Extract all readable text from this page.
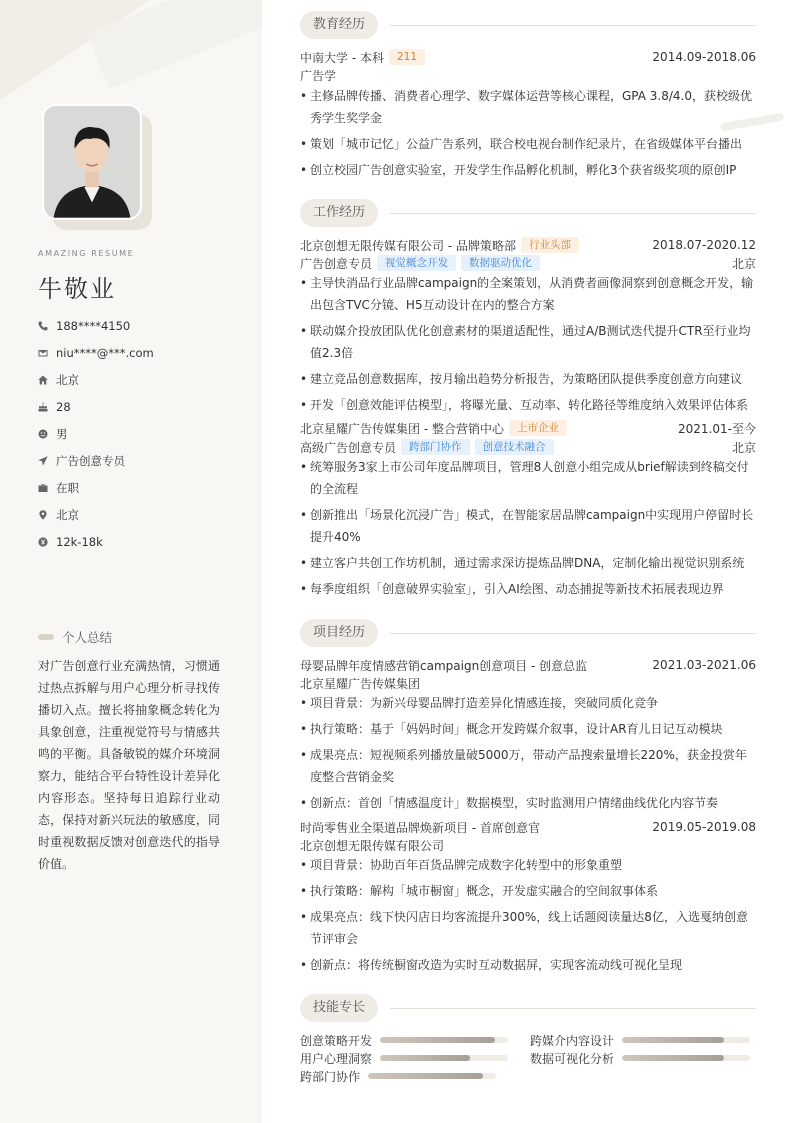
AMAZING RESUME
牛敬业
188****4150
niu****@***.com
北京
28
男
广告创意专员
在职
北京
12k-18k
个人总结
对广告创意行业充满热情，习惯通过热点拆解与用户心理分析寻找传播切入点。擅长将抽象概念转化为具象创意，注重视觉符号与情感共鸣的平衡。具备敏锐的媒介环境洞察力，能结合平台特性设计差异化内容形态。坚持每日追踪行业动态，保持对新兴玩法的敏感度，同时重视数据反馈对创意迭代的指导价值。
教育经历
中南大学 - 本科	211	2014.09-2018.06
广告学
• 主修品牌传播、消费者心理学、数字媒体运营等核心课程，GPA 3.8/4.0，获校级优秀学生奖学金
• 策划「城市记忆」公益广告系列，联合校电视台制作纪录片，在省级媒体平台播出
• 创立校园广告创意实验室，开发学生作品孵化机制，孵化3个获省级奖项的原创IP
工作经历
北京创想无限传媒有限公司 - 品牌策略部	行业头部	2018.07-2020.12
广告创意专员	视觉概念开发	数据驱动优化	北京
• 主导快消品行业品牌campaign的全案策划，从消费者画像洞察到创意概念开发，输出包含TVC分镜、H5互动设计在内的整合方案
• 联动媒介投放团队优化创意素材的渠道适配性，通过A/B测试迭代提升CTR至行业均值2.3倍
• 建立竞品创意数据库，按月输出趋势分析报告，为策略团队提供季度创意方向建议
• 开发「创意效能评估模型」，将曝光量、互动率、转化路径等维度纳入效果评估体系
北京星耀广告传媒集团 - 整合营销中心	上市企业	2021.01-至今
高级广告创意专员	跨部门协作	创意技术融合	北京
• 统筹服务3家上市公司年度品牌项目，管理8人创意小组完成从brief解读到终稿交付的全流程
• 创新推出「场景化沉浸广告」模式，在智能家居品牌campaign中实现用户停留时长提升40%
• 建立客户共创工作坊机制，通过需求深访提炼品牌DNA，定制化输出视觉识别系统
• 每季度组织「创意破界实验室」，引入AI绘图、动态捕捉等新技术拓展表现边界
项目经历
母婴品牌年度情感营销campaign创意项目 - 创意总监	2021.03-2021.06
北京星耀广告传媒集团
• 项目背景：为新兴母婴品牌打造差异化情感连接，突破同质化竞争
• 执行策略：基于「妈妈时间」概念开发跨媒介叙事，设计AR育儿日记互动模块
• 成果亮点：短视频系列播放量破5000万，带动产品搜索量增长220%，获金投赏年度整合营销金奖
• 创新点：首创「情感温度计」数据模型，实时监测用户情绪曲线优化内容节奏
时尚零售业全渠道品牌焕新项目 - 首席创意官	2019.05-2019.08
北京创想无限传媒有限公司
• 项目背景：协助百年百货品牌完成数字化转型中的形象重塑
• 执行策略：解构「城市橱窗」概念，开发虚实融合的空间叙事体系
• 成果亮点：线下快闪店日均客流提升300%，线上话题阅读量达8亿，入选戛纳创意节评审会
• 创新点：将传统橱窗改造为实时互动数据屏，实现客流动线可视化呈现
技能专长
创意策略开发	跨媒介内容设计
用户心理洞察	数据可视化分析
跨部门协作
